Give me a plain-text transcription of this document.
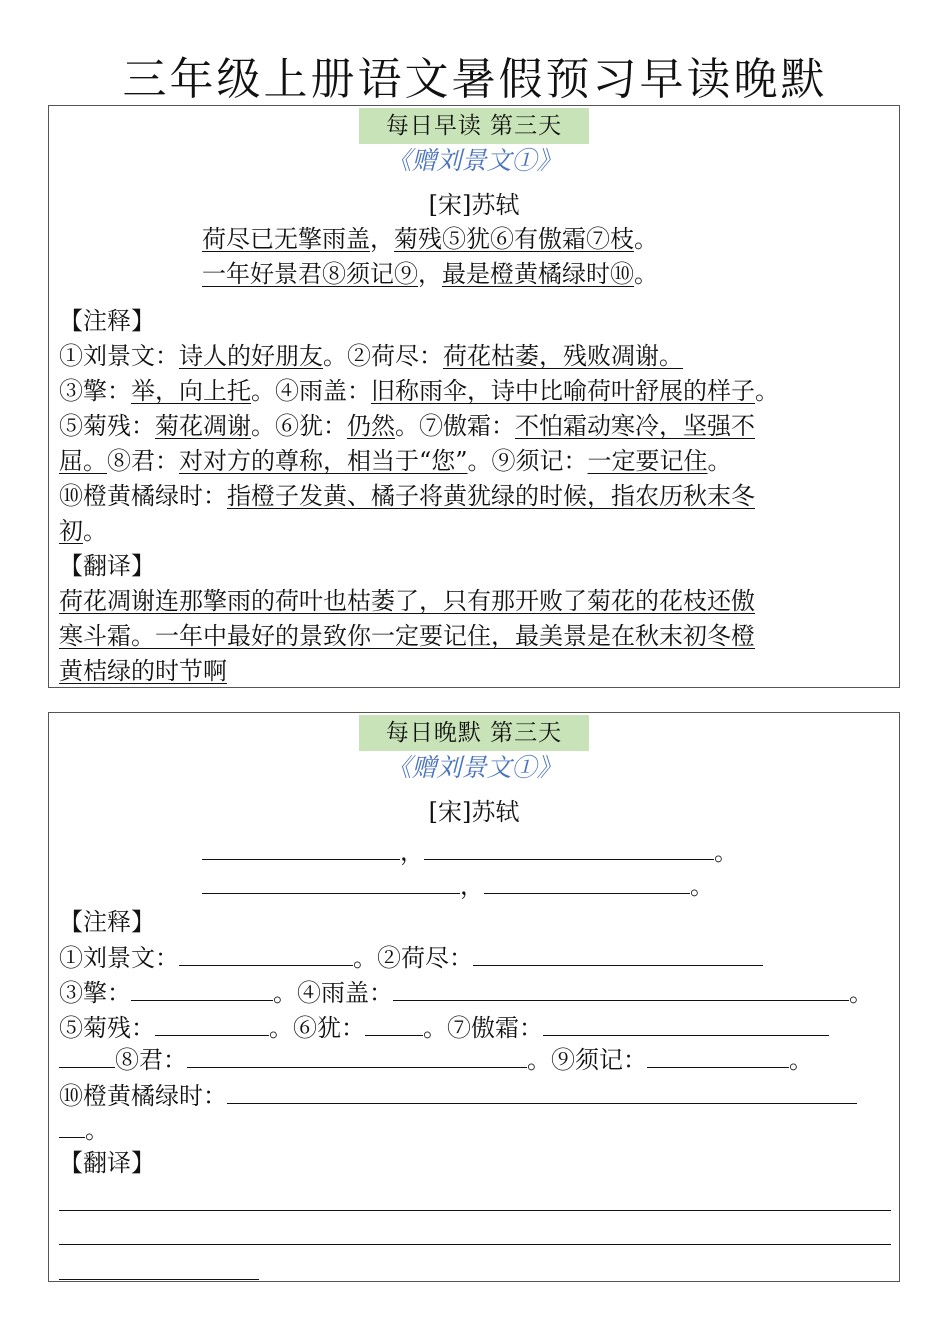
三年级上册语文暑假预习早读晚默
每日早读 第三天
《赠刘景文①》
[宋]苏轼
荷尽已无擎雨盖，菊残⑤犹⑥有傲霜⑦枝。
一年好景君⑧须记⑨，最是橙黄橘绿时⑩。
【注释】
①刘景文：诗人的好朋友。②荷尽：荷花枯萎，残败凋谢。
③擎：举，向上托。④雨盖：旧称雨伞，诗中比喻荷叶舒展的样子。
⑤菊残：菊花凋谢。⑥犹：仍然。⑦傲霜：不怕霜动寒冷，坚强不
屈。⑧君：对对方的尊称，相当于“您”。⑨须记：一定要记住。
⑩橙黄橘绿时：指橙子发黄、橘子将黄犹绿的时候，指农历秋末冬
初。
【翻译】
荷花凋谢连那擎雨的荷叶也枯萎了，只有那开败了菊花的花枝还傲
寒斗霜。一年中最好的景致你一定要记住，最美景是在秋末初冬橙
黄桔绿的时节啊
每日晚默 第三天
《赠刘景文①》
[宋]苏轼
，	。
，	。
【注释】
①刘景文：	。②荷尽：
③擎：	。④雨盖：	。
⑤菊残：	。⑥犹： 。⑦傲霜：
⑧君：	。⑨须记：	。
⑩橙黄橘绿时：
。
【翻译】
